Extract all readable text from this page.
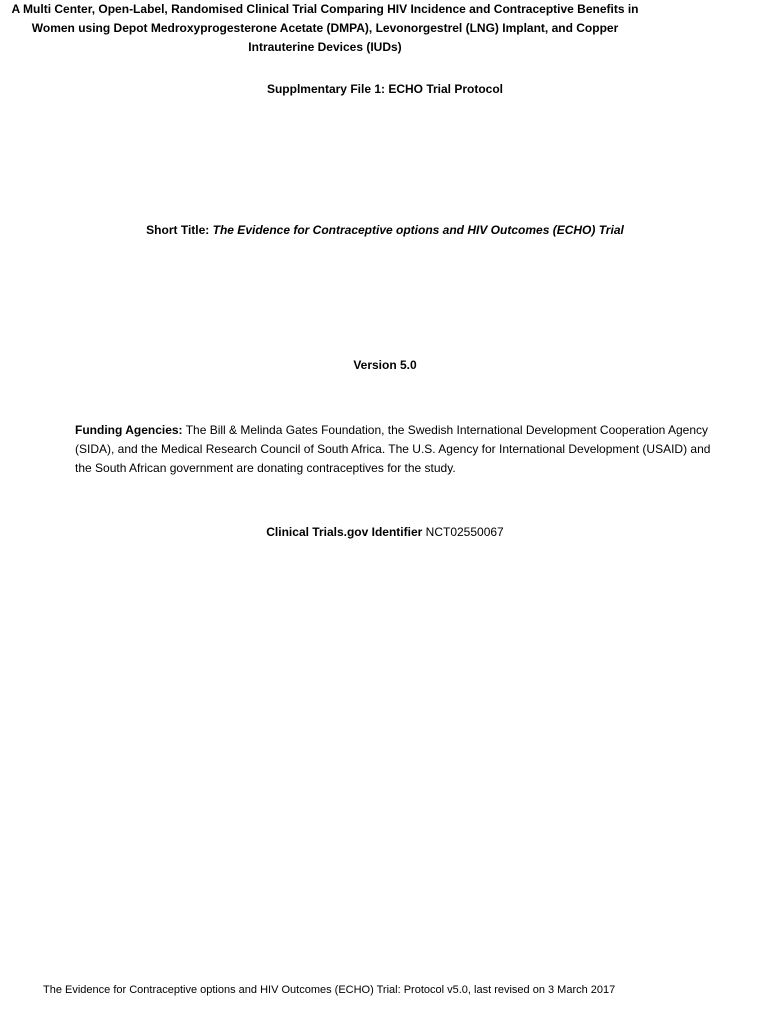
Supplmentary File 1: ECHO Trial Protocol
A Multi Center, Open-Label, Randomised Clinical Trial Comparing HIV Incidence and Contraceptive Benefits in Women using Depot Medroxyprogesterone Acetate (DMPA), Levonorgestrel (LNG) Implant, and Copper Intrauterine Devices (IUDs)
Short Title: The Evidence for Contraceptive options and HIV Outcomes (ECHO) Trial
Version 5.0
Funding Agencies: The Bill & Melinda Gates Foundation, the Swedish International Development Cooperation Agency (SIDA), and the Medical Research Council of South Africa. The U.S. Agency for International Development (USAID) and the South African government are donating contraceptives for the study.
Clinical Trials.gov Identifier NCT02550067
The Evidence for Contraceptive options and HIV Outcomes (ECHO) Trial: Protocol v5.0, last revised on 3 March 2017
